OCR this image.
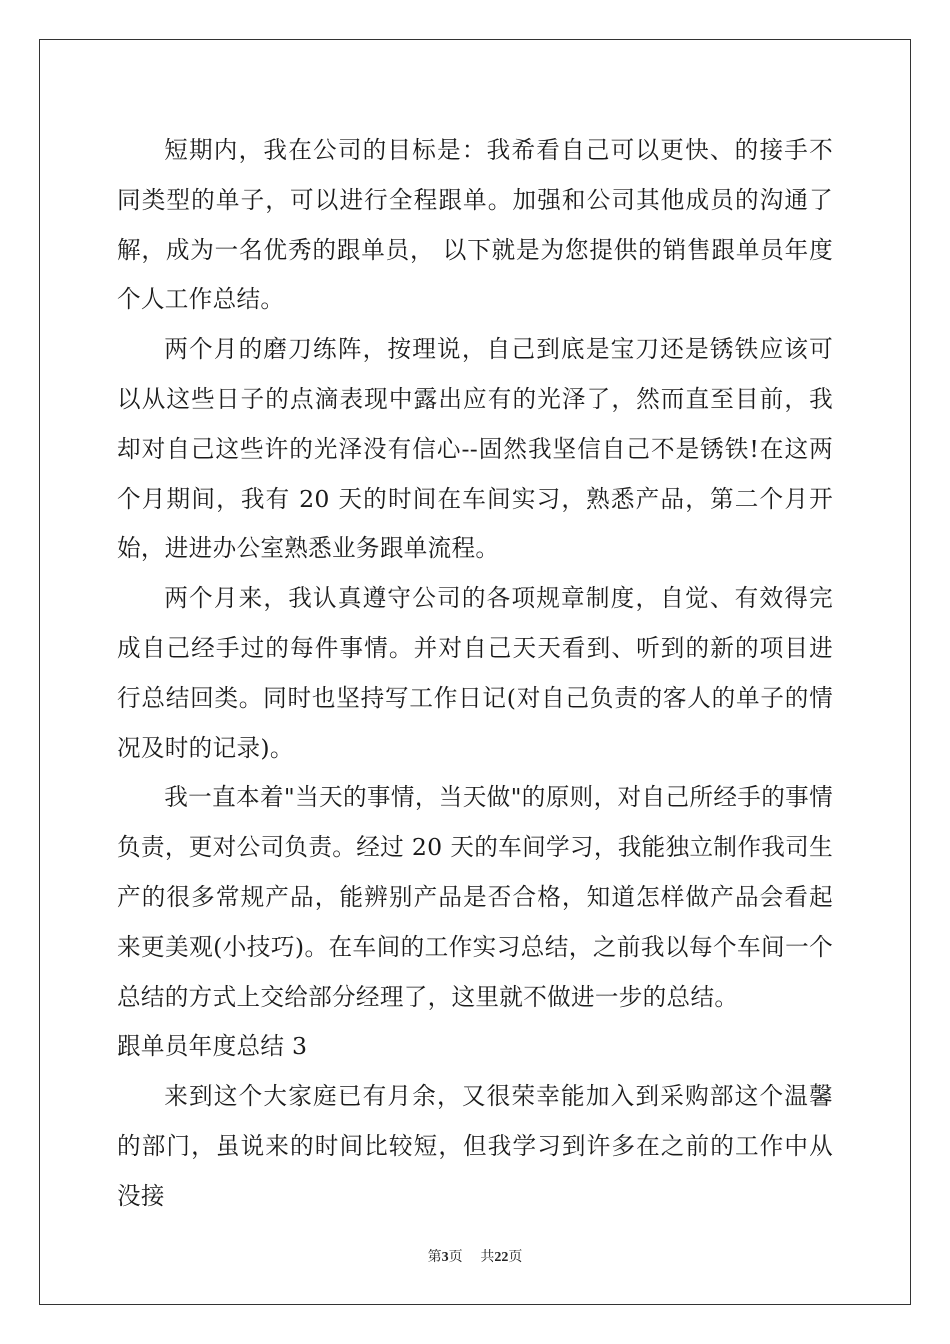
短期内，我在公司的目标是：我希看自己可以更快、的接手不同类型的单子，可以进行全程跟单。加强和公司其他成员的沟通了解，成为一名优秀的跟单员， 以下就是为您提供的销售跟单员年度个人工作总结。

两个月的磨刀练阵，按理说，自己到底是宝刀还是锈铁应该可以从这些日子的点滴表现中露出应有的光泽了，然而直至目前，我却对自己这些许的光泽没有信心--固然我坚信自己不是锈铁!在这两个月期间，我有 20 天的时间在车间实习，熟悉产品，第二个月开始，进进办公室熟悉业务跟单流程。

两个月来，我认真遵守公司的各项规章制度，自觉、有效得完成自己经手过的每件事情。并对自己天天看到、听到的新的项目进行总结回类。同时也坚持写工作日记(对自己负责的客人的单子的情况及时的记录)。

我一直本着"当天的事情，当天做"的原则，对自己所经手的事情负责，更对公司负责。经过 20 天的车间学习，我能独立制作我司生产的很多常规产品，能辨别产品是否合格，知道怎样做产品会看起来更美观(小技巧)。在车间的工作实习总结，之前我以每个车间一个总结的方式上交给部分经理了，这里就不做进一步的总结。

跟单员年度总结 3

来到这个大家庭已有月余，又很荣幸能加入到采购部这个温馨的部门，虽说来的时间比较短，但我学习到许多在之前的工作中从没接

第3页    共22页
